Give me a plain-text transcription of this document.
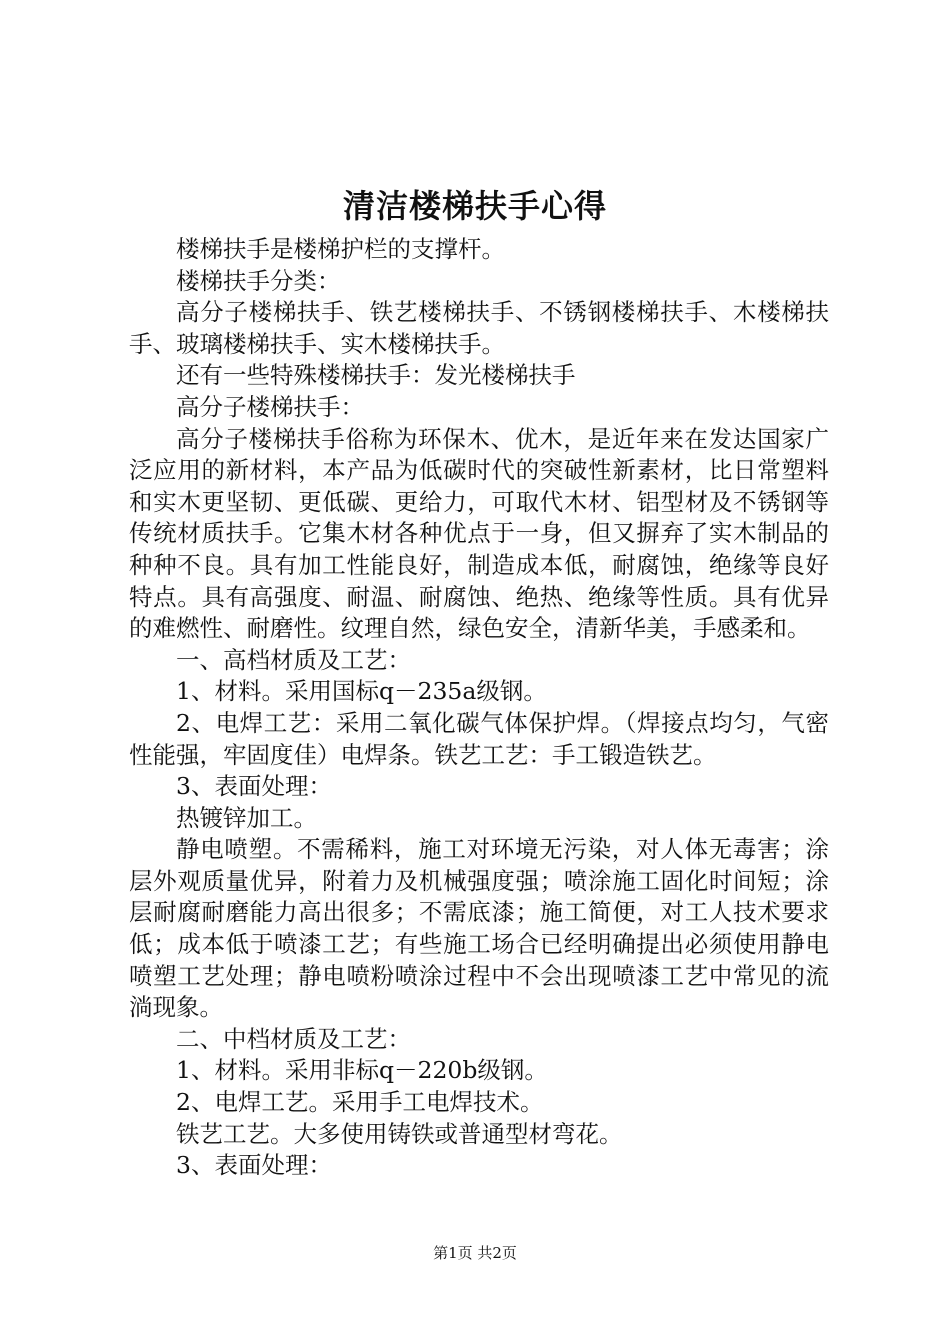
清洁楼梯扶手心得

楼梯扶手是楼梯护栏的支撑杆。

楼梯扶手分类：

高分子楼梯扶手、铁艺楼梯扶手、不锈钢楼梯扶手、木楼梯扶手、玻璃楼梯扶手、实木楼梯扶手。

还有一些特殊楼梯扶手：发光楼梯扶手

高分子楼梯扶手：

高分子楼梯扶手俗称为环保木、优木，是近年来在发达国家广泛应用的新材料，本产品为低碳时代的突破性新素材，比日常塑料和实木更坚韧、更低碳、更给力，可取代木材、铝型材及不锈钢等传统材质扶手。它集木材各种优点于一身，但又摒弃了实木制品的种种不良。具有加工性能良好，制造成本低，耐腐蚀，绝缘等良好特点。具有高强度、耐温、耐腐蚀、绝热、绝缘等性质。具有优异的难燃性、耐磨性。纹理自然，绿色安全，清新华美，手感柔和。

一、高档材质及工艺：

1、材料。采用国标q－235a级钢。

2、电焊工艺：采用二氧化碳气体保护焊。（焊接点均匀，气密性能强，牢固度佳）电焊条。铁艺工艺：手工锻造铁艺。

3、表面处理：

热镀锌加工。

静电喷塑。不需稀料，施工对环境无污染，对人体无毒害；涂层外观质量优异，附着力及机械强度强；喷涂施工固化时间短；涂层耐腐耐磨能力高出很多；不需底漆；施工简便，对工人技术要求低；成本低于喷漆工艺；有些施工场合已经明确提出必须使用静电喷塑工艺处理；静电喷粉喷涂过程中不会出现喷漆工艺中常见的流淌现象。

二、中档材质及工艺：

1、材料。采用非标q－220b级钢。

2、电焊工艺。采用手工电焊技术。

铁艺工艺。大多使用铸铁或普通型材弯花。

3、表面处理：

第1页 共2页
